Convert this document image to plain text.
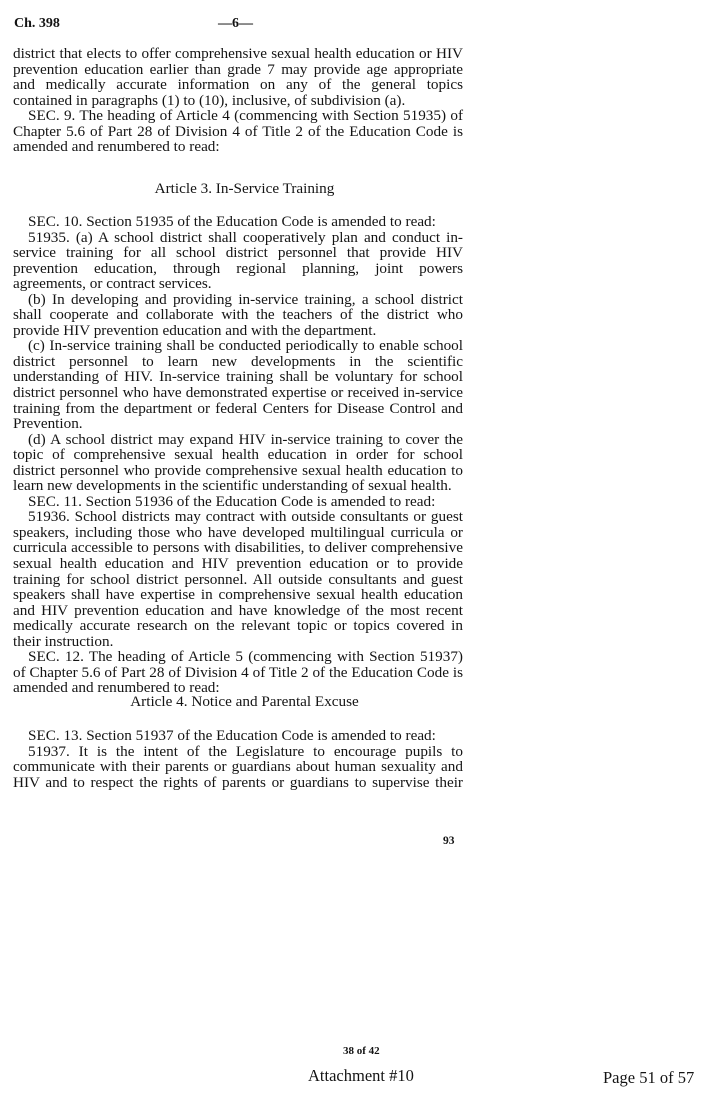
Ch. 398	—6—

district that elects to offer comprehensive sexual health education or HIV prevention education earlier than grade 7 may provide age appropriate and medically accurate information on any of the general topics contained in paragraphs (1) to (10), inclusive, of subdivision (a).

SEC. 9. The heading of Article 4 (commencing with Section 51935) of Chapter 5.6 of Part 28 of Division 4 of Title 2 of the Education Code is amended and renumbered to read:

Article 3. In-Service Training

SEC. 10. Section 51935 of the Education Code is amended to read:

51935. (a) A school district shall cooperatively plan and conduct in-service training for all school district personnel that provide HIV prevention education, through regional planning, joint powers agreements, or contract services.

(b) In developing and providing in-service training, a school district shall cooperate and collaborate with the teachers of the district who provide HIV prevention education and with the department.

(c) In-service training shall be conducted periodically to enable school district personnel to learn new developments in the scientific understanding of HIV. In-service training shall be voluntary for school district personnel who have demonstrated expertise or received in-service training from the department or federal Centers for Disease Control and Prevention.

(d) A school district may expand HIV in-service training to cover the topic of comprehensive sexual health education in order for school district personnel who provide comprehensive sexual health education to learn new developments in the scientific understanding of sexual health.

SEC. 11. Section 51936 of the Education Code is amended to read:

51936. School districts may contract with outside consultants or guest speakers, including those who have developed multilingual curricula or curricula accessible to persons with disabilities, to deliver comprehensive sexual health education and HIV prevention education or to provide training for school district personnel. All outside consultants and guest speakers shall have expertise in comprehensive sexual health education and HIV prevention education and have knowledge of the most recent medically accurate research on the relevant topic or topics covered in their instruction.

SEC. 12. The heading of Article 5 (commencing with Section 51937) of Chapter 5.6 of Part 28 of Division 4 of Title 2 of the Education Code is amended and renumbered to read:

Article 4. Notice and Parental Excuse

SEC. 13. Section 51937 of the Education Code is amended to read:

51937. It is the intent of the Legislature to encourage pupils to communicate with their parents or guardians about human sexuality and HIV and to respect the rights of parents or guardians to supervise their

93
38 of 42
Attachment #10	Page 51 of 57
